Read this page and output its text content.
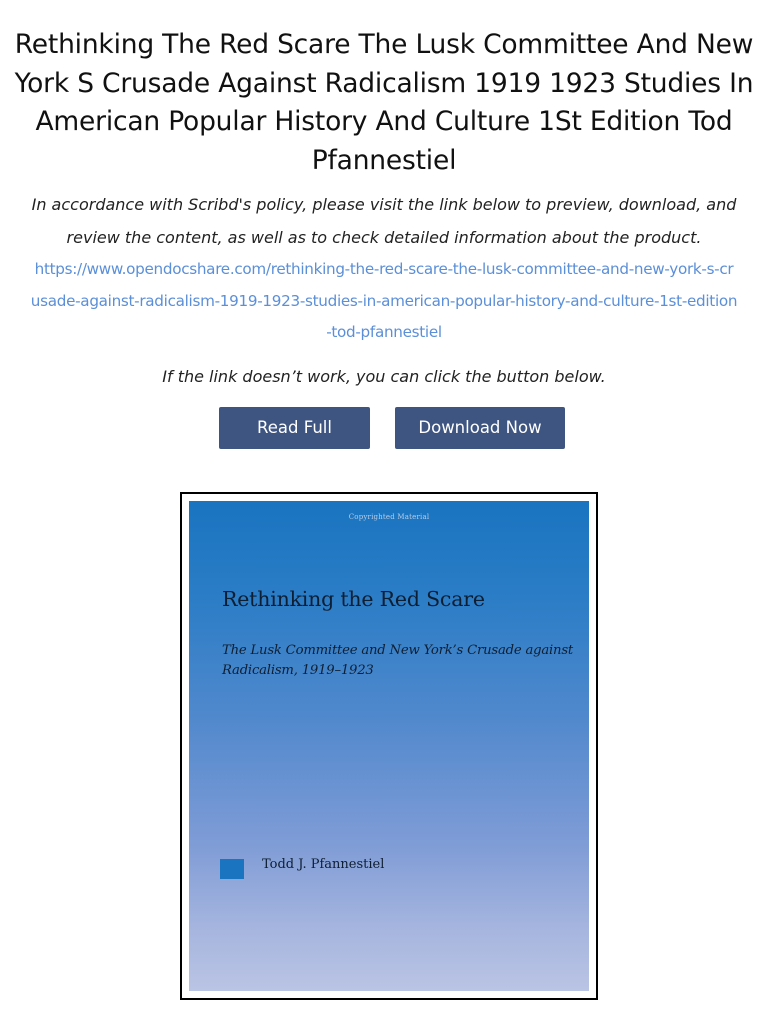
Rethinking The Red Scare The Lusk Committee And New York S Crusade Against Radicalism 1919 1923 Studies In American Popular History And Culture 1St Edition Tod Pfannestiel

In accordance with Scribd's policy, please visit the link below to preview, download, and review the content, as well as to check detailed information about the product.

https://www.opendocshare.com/rethinking-the-red-scare-the-lusk-committee-and-new-york-s-crusade-against-radicalism-1919-1923-studies-in-american-popular-history-and-culture-1st-edition-tod-pfannestiel

If the link doesn’t work, you can click the button below.

Read Full	Download Now
Copyrighted Material
Rethinking the Red Scare

The Lusk Committee and New York’s Crusade against Radicalism, 1919–1923

Todd J. Pfannestiel
